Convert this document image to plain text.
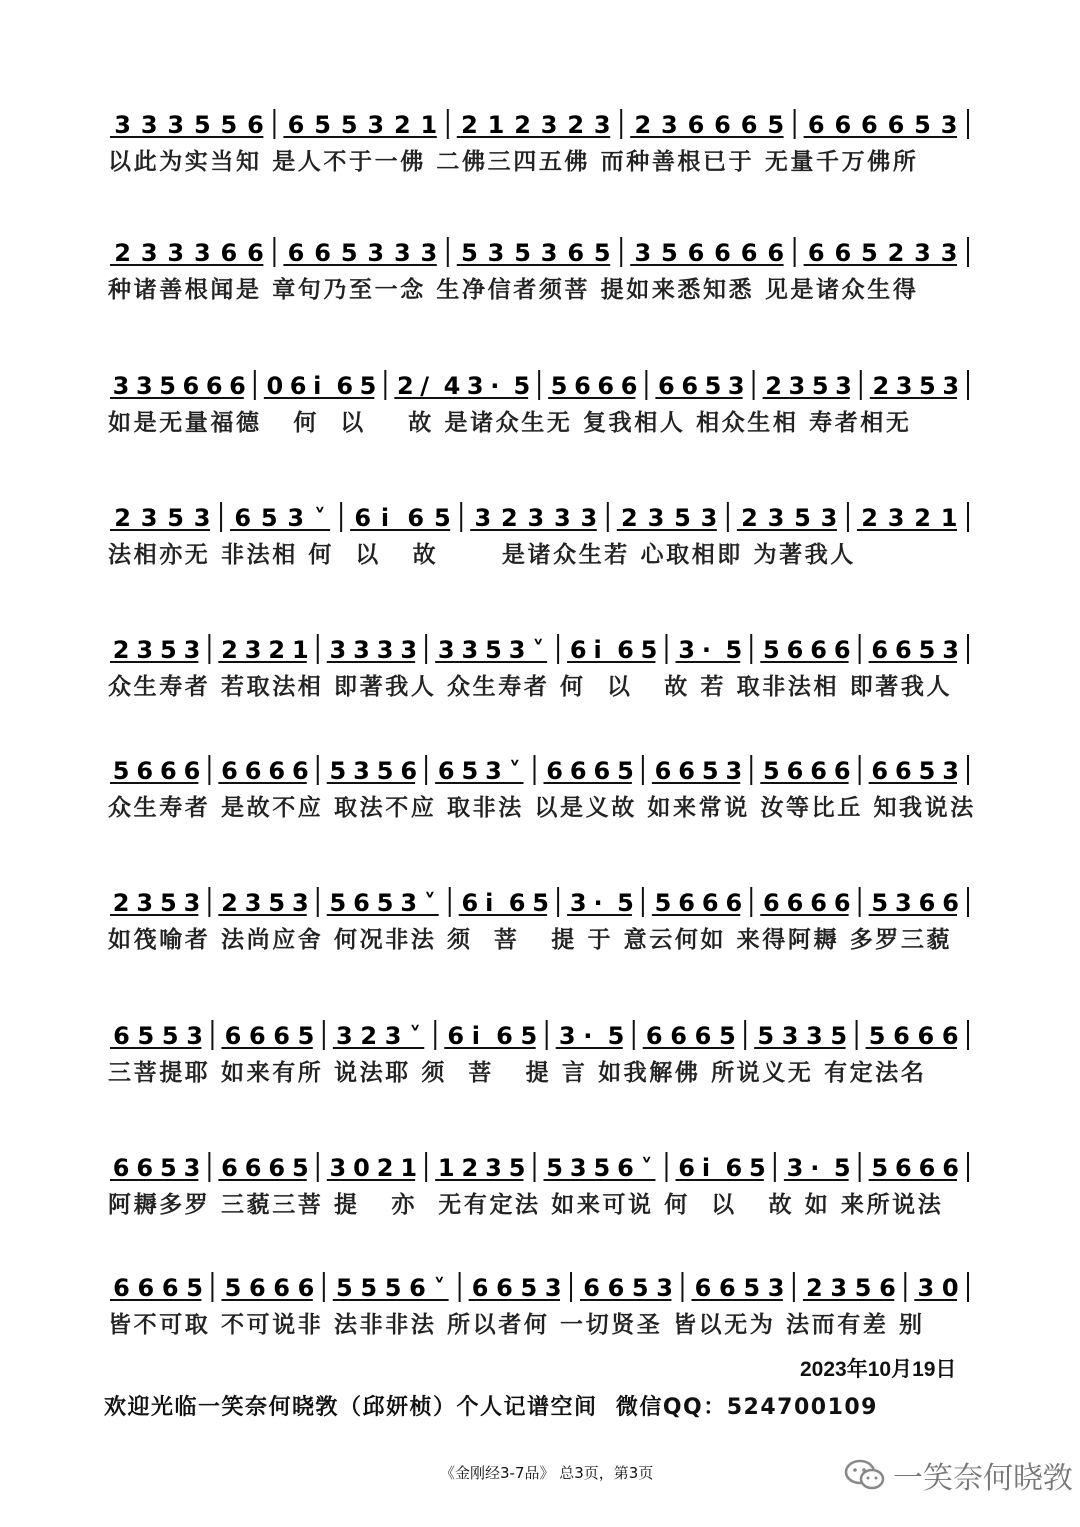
3 3 3 5 5 6 6 5 5 3 2 1 2 1 2 3 2 3 2 3 6 6 6 5 6 6 6 6 5 3
以此为实当知 是人不于一佛 二佛三四五佛 而种善根已于 无量千万佛所
2 3 3 3 6 6 6 6 5 3 3 3 5 3 5 3 6 5 3 5 6 6 6 6 6 6 5 2 3 3
种诸善根闻是 章句乃至一念 生净信者须菩 提如来悉知悉 见是诸众生得
3 3 5 6 6 6 0 6 i 6 5 2 / 4 3 · 5 5 6 6 6 6 6 5 3 2 3 5 3 2 3 5 3
如是无量福德   何  以    故 是诸众生无 复我相人 相众生相 寿者相无
2 3 5 3 6 5 3 ˅ 6 i 6 5 3 2 3 3 3 2 3 5 3 2 3 5 3 2 3 2 1
法相亦无 非法相 何  以   故      是诸众生若 心取相即 为著我人
2 3 5 3 2 3 2 1 3 3 3 3 3 3 5 3 ˅ 6 i 6 5 3 · 5 5 6 6 6 6 6 5 3
众生寿者 若取法相 即著我人 众生寿者 何  以   故 若 取非法相 即著我人
5 6 6 6 6 6 6 6 5 3 5 6 6 5 3 ˅ 6 6 6 5 6 6 5 3 5 6 6 6 6 6 5 3
众生寿者 是故不应 取法不应 取非法 以是义故 如来常说 汝等比丘 知我说法
2 3 5 3 2 3 5 3 5 6 5 3 ˅ 6 i 6 5 3 · 5 5 6 6 6 6 6 6 6 5 3 6 6
如筏喻者 法尚应舍 何况非法 须  菩   提 于 意云何如 来得阿耨 多罗三藐
6 5 5 3 6 6 6 5 3 2 3 ˅ 6 i 6 5 3 · 5 6 6 6 5 5 3 3 5 5 6 6 6
三菩提耶 如来有所 说法耶 须  菩   提 言 如我解佛 所说义无 有定法名
6 6 5 3 6 6 6 5 3 0 2 1 1 2 3 5 5 3 5 6 ˅ 6 i 6 5 3 · 5 5 6 6 6
阿耨多罗 三藐三菩 提   亦  无有定法 如来可说 何  以   故 如 来所说法
6 6 6 5 5 6 6 6 5 5 5 6 ˅ 6 6 5 3 6 6 5 3 6 6 5 3 2 3 5 6 3 0
皆不可取 不可说非 法非非法 所以者何 一切贤圣 皆以无为 法而有差 别
2023年10月19日
欢迎光临一笑奈何晓敩（邱妍桢）个人记谱空间  微信QQ：524700109
《金刚经3-7品》 总3页，第3页	一笑奈何晓敩
